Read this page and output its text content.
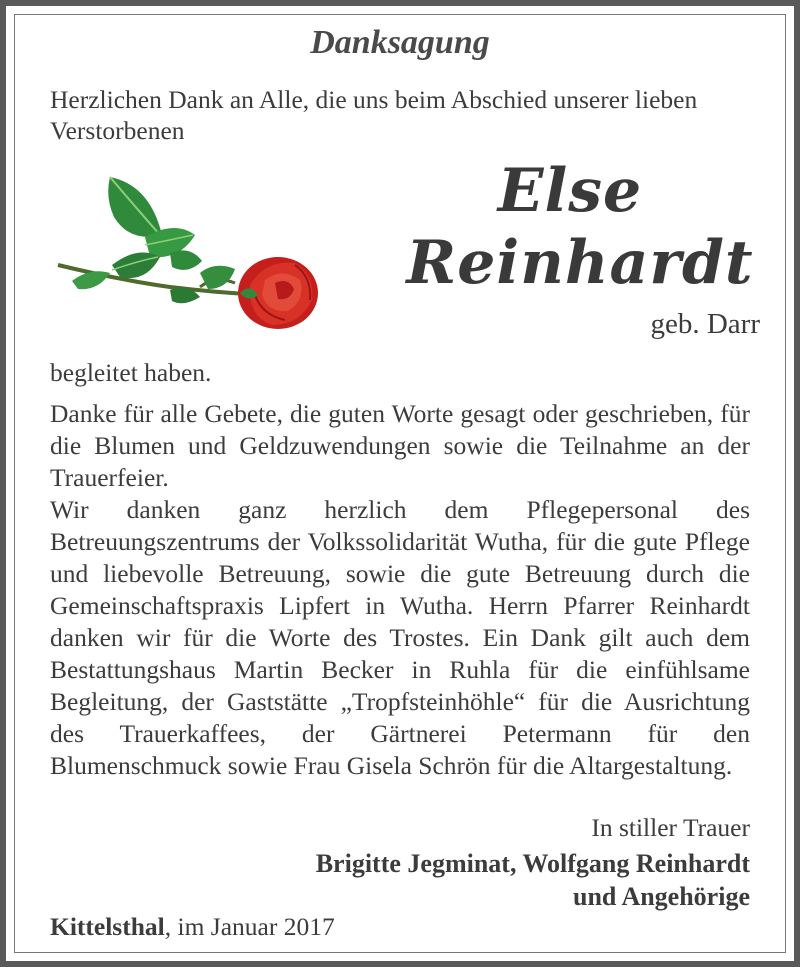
Danksagung
Herzlichen Dank an Alle, die uns beim Abschied unserer lieben Verstorbenen
Else
Reinhardt
geb. Darr
begleitet haben.

Danke für alle Gebete, die guten Worte gesagt oder geschrieben, für die Blumen und Geldzuwendungen sowie die Teilnahme an der Trauerfeier.

Wir danken ganz herzlich dem Pflegepersonal des Betreuungszentrums der Volkssolidarität Wutha, für die gute Pflege und liebevolle Betreuung, sowie die gute Betreuung durch die Gemeinschaftspraxis Lipfert in Wutha. Herrn Pfarrer Reinhardt danken wir für die Worte des Trostes. Ein Dank gilt auch dem Bestattungshaus Martin Becker in Ruhla für die einfühlsame Begleitung, der Gaststätte „Tropfsteinhöhle“ für die Ausrichtung des Trauerkaffees, der Gärtnerei Petermann für den Blumenschmuck sowie Frau Gisela Schrön für die Altargestaltung.

In stiller Trauer
Brigitte Jegminat, Wolfgang Reinhardt
und Angehörige
Kittelsthal, im Januar 2017
